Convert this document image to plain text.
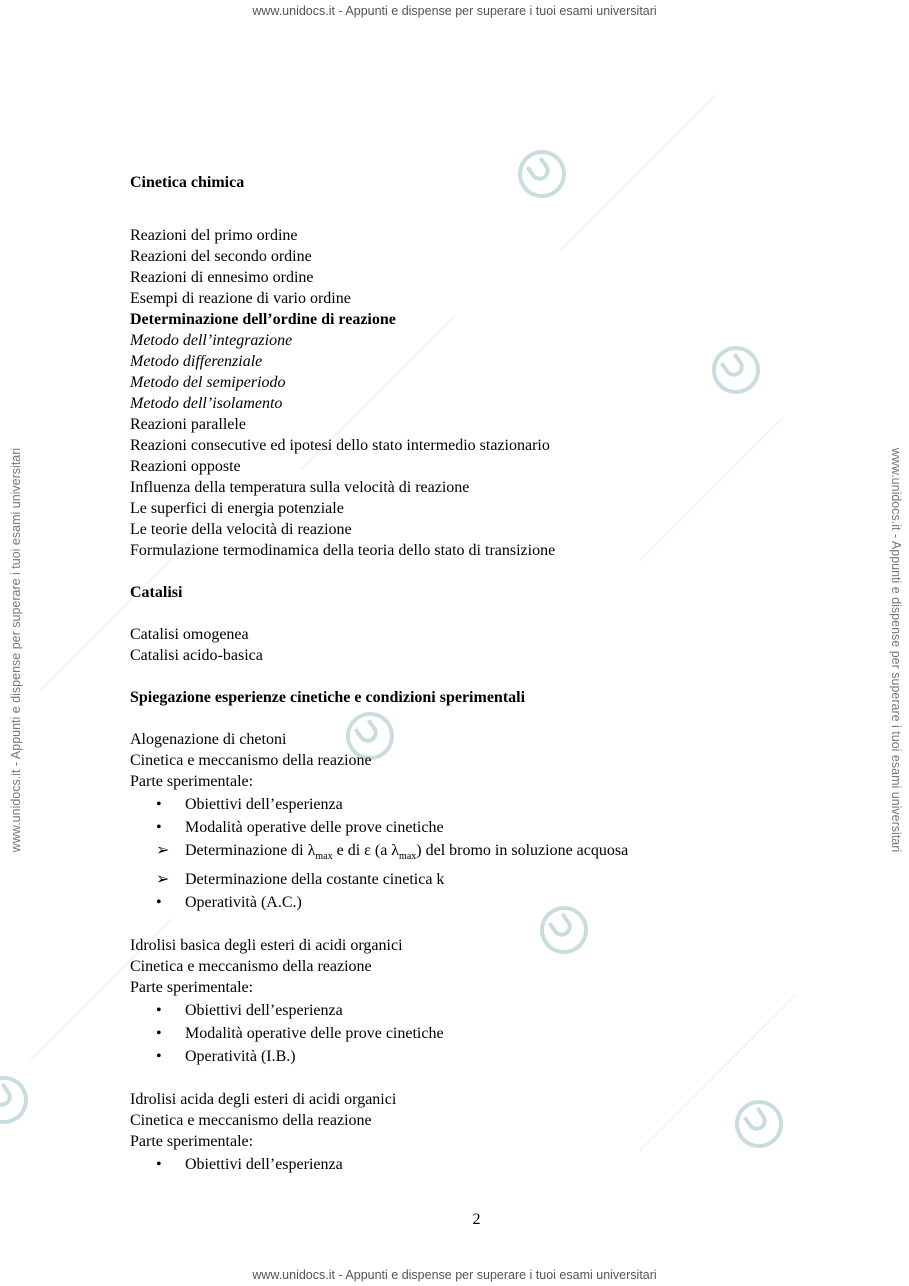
www.unidocs.it - Appunti e dispense per superare i tuoi esami universitari
www.unidocs.it - Appunti e dispense per superare i tuoi esami universitari
www.unidocs.it - Appunti e dispense per superare i tuoi esami universitari	www.unidocs.it - Appunti e dispense per superare i tuoi esami universitari

Cinetica chimica

Reazioni del primo ordine

Reazioni del secondo ordine

Reazioni di ennesimo ordine

Esempi di reazione di vario ordine

Determinazione dell’ordine di reazione

Metodo dell’integrazione

Metodo differenziale

Metodo del semiperiodo

Metodo dell’isolamento

Reazioni parallele

Reazioni consecutive ed ipotesi dello stato intermedio stazionario

Reazioni opposte

Influenza della temperatura sulla velocità di reazione

Le superfici di energia potenziale

Le teorie della velocità di reazione

Formulazione termodinamica della teoria dello stato di transizione

Catalisi

Catalisi omogenea

Catalisi acido-basica

Spiegazione esperienze cinetiche e condizioni sperimentali

Alogenazione di chetoni

Cinetica e meccanismo della reazione

Parte sperimentale:

•	Obiettivi dell’esperienza
•	Modalità operative delle prove cinetiche
➢ Determinazione di $\lambda_{max}$ e di ε (a $\lambda_{max}$) del bromo in soluzione acquosa
➢ Determinazione della costante cinetica k
•	Operatività (A.C.)

Idrolisi basica degli esteri di acidi organici

Cinetica e meccanismo della reazione

Parte sperimentale:

•	Obiettivi dell’esperienza
•	Modalità operative delle prove cinetiche
•	Operatività (I.B.)

Idrolisi acida degli esteri di acidi organici

Cinetica e meccanismo della reazione

Parte sperimentale:

•	Obiettivi dell’esperienza
2
